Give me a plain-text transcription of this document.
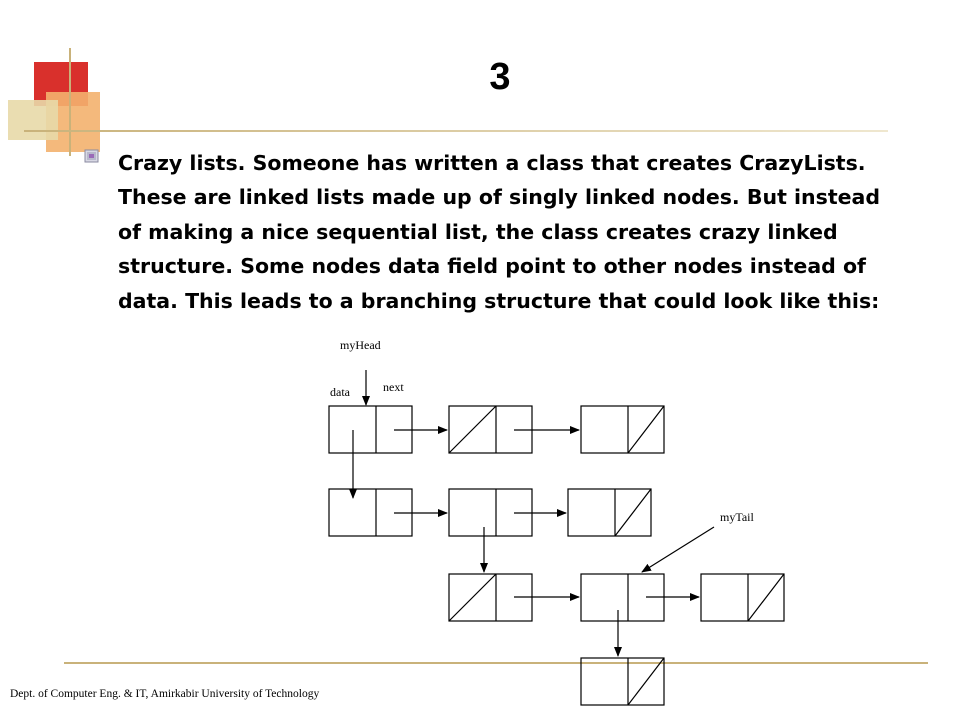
3
Crazy lists. Someone has written a class that creates CrazyLists. These are linked lists made up of singly linked nodes. But instead of making a nice sequential list, the class creates crazy linked structure. Some nodes data field point to other nodes instead of data. This leads to a branching structure that could look like this:
myHead
data	next
myTail
Dept. of Computer Eng. & IT, Amirkabir University of Technology
